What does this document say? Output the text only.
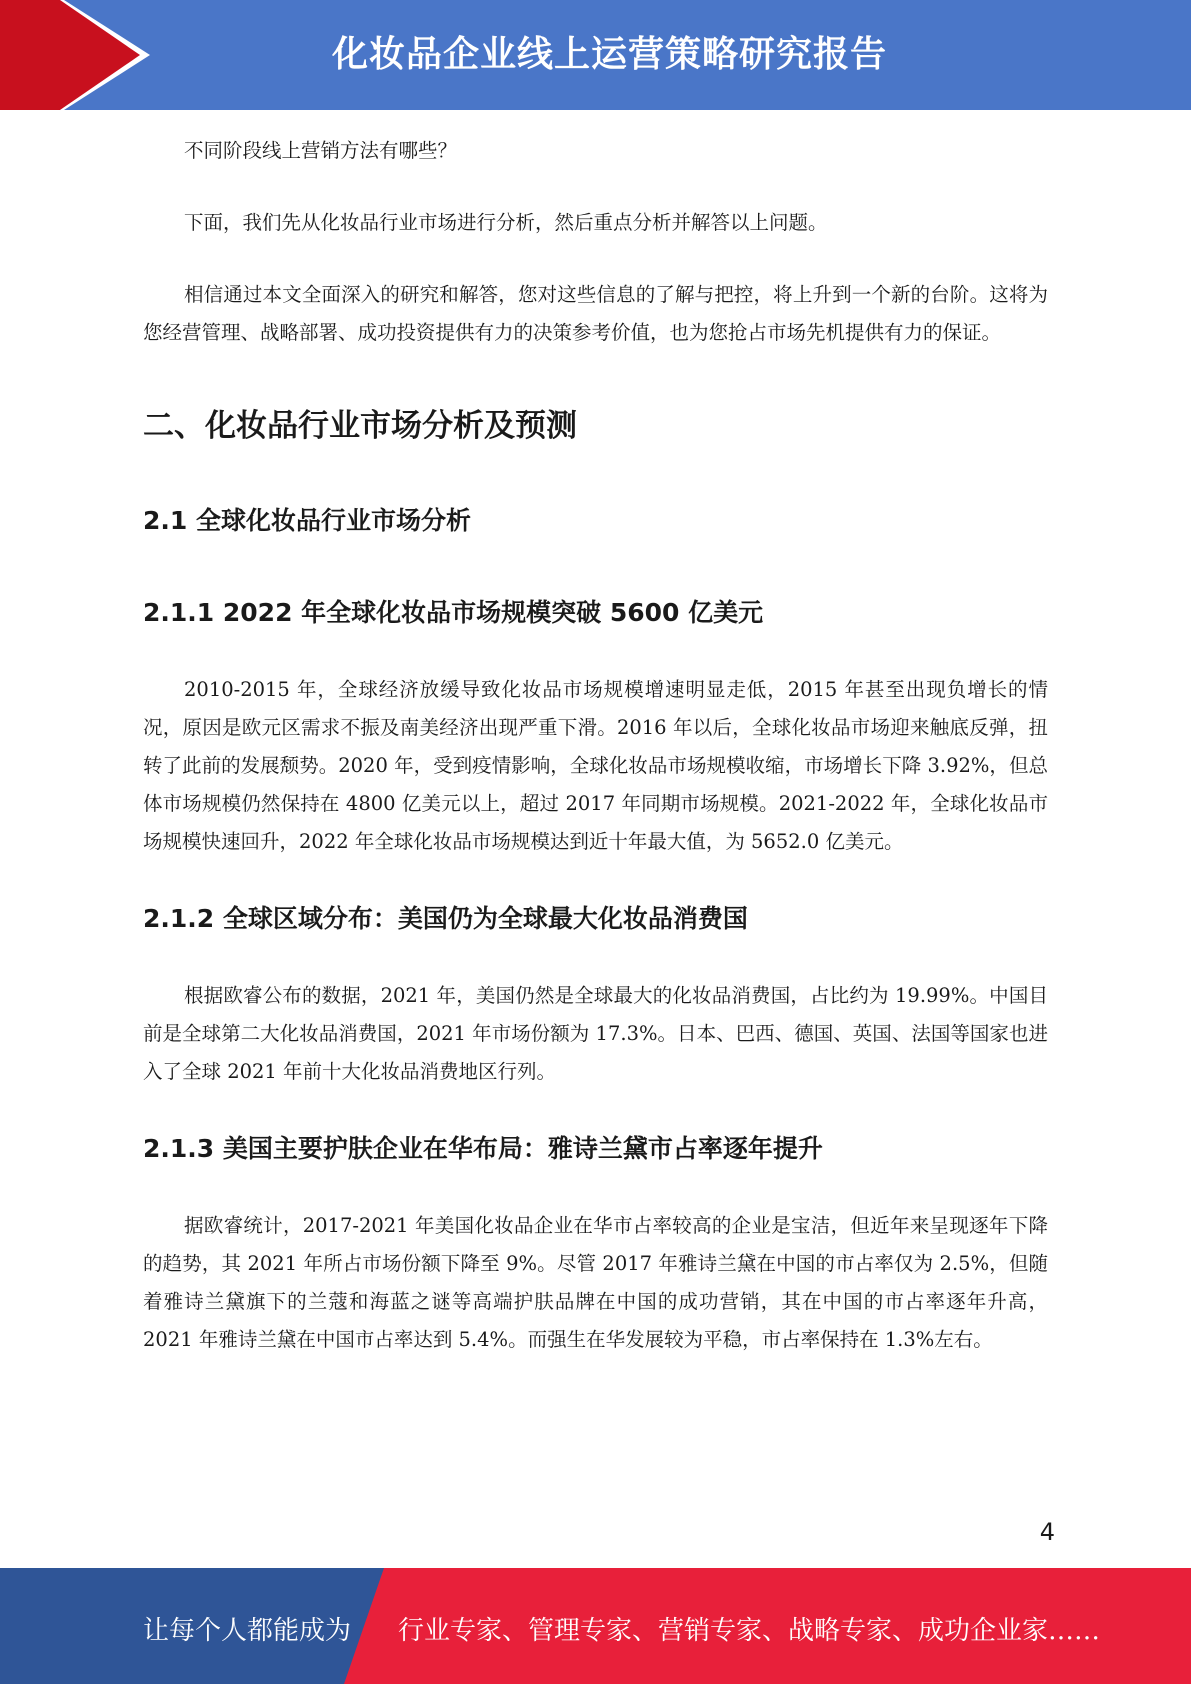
化妆品企业线上运营策略研究报告

不同阶段线上营销方法有哪些？

下面，我们先从化妆品行业市场进行分析，然后重点分析并解答以上问题。

相信通过本文全面深入的研究和解答，您对这些信息的了解与把控，将上升到一个新的台阶。这将为您经营管理、战略部署、成功投资提供有力的决策参考价值，也为您抢占市场先机提供有力的保证。

二、化妆品行业市场分析及预测
2.1 全球化妆品行业市场分析
2.1.1 2022 年全球化妆品市场规模突破 5600 亿美元

2010-2015 年，全球经济放缓导致化妆品市场规模增速明显走低，2015 年甚至出现负增长的情况，原因是欧元区需求不振及南美经济出现严重下滑。2016 年以后，全球化妆品市场迎来触底反弹，扭转了此前的发展颓势。2020 年，受到疫情影响，全球化妆品市场规模收缩，市场增长下降 3.92%，但总体市场规模仍然保持在 4800 亿美元以上，超过 2017 年同期市场规模。2021-2022 年，全球化妆品市场规模快速回升，2022 年全球化妆品市场规模达到近十年最大值，为 5652.0 亿美元。

2.1.2 全球区域分布：美国仍为全球最大化妆品消费国

根据欧睿公布的数据，2021 年，美国仍然是全球最大的化妆品消费国，占比约为 19.99%。中国目前是全球第二大化妆品消费国，2021 年市场份额为 17.3%。日本、巴西、德国、英国、法国等国家也进入了全球 2021 年前十大化妆品消费地区行列。

2.1.3 美国主要护肤企业在华布局：雅诗兰黛市占率逐年提升

据欧睿统计，2017-2021 年美国化妆品企业在华市占率较高的企业是宝洁，但近年来呈现逐年下降的趋势，其 2021 年所占市场份额下降至 9%。尽管 2017 年雅诗兰黛在中国的市占率仅为 2.5%，但随着雅诗兰黛旗下的兰蔻和海蓝之谜等高端护肤品牌在中国的成功营销，其在中国的市占率逐年升高，2021 年雅诗兰黛在中国市占率达到 5.4%。而强生在华发展较为平稳，市占率保持在 1.3%左右。

4
让每个人都能成为 行业专家、管理专家、营销专家、战略专家、成功企业家……
